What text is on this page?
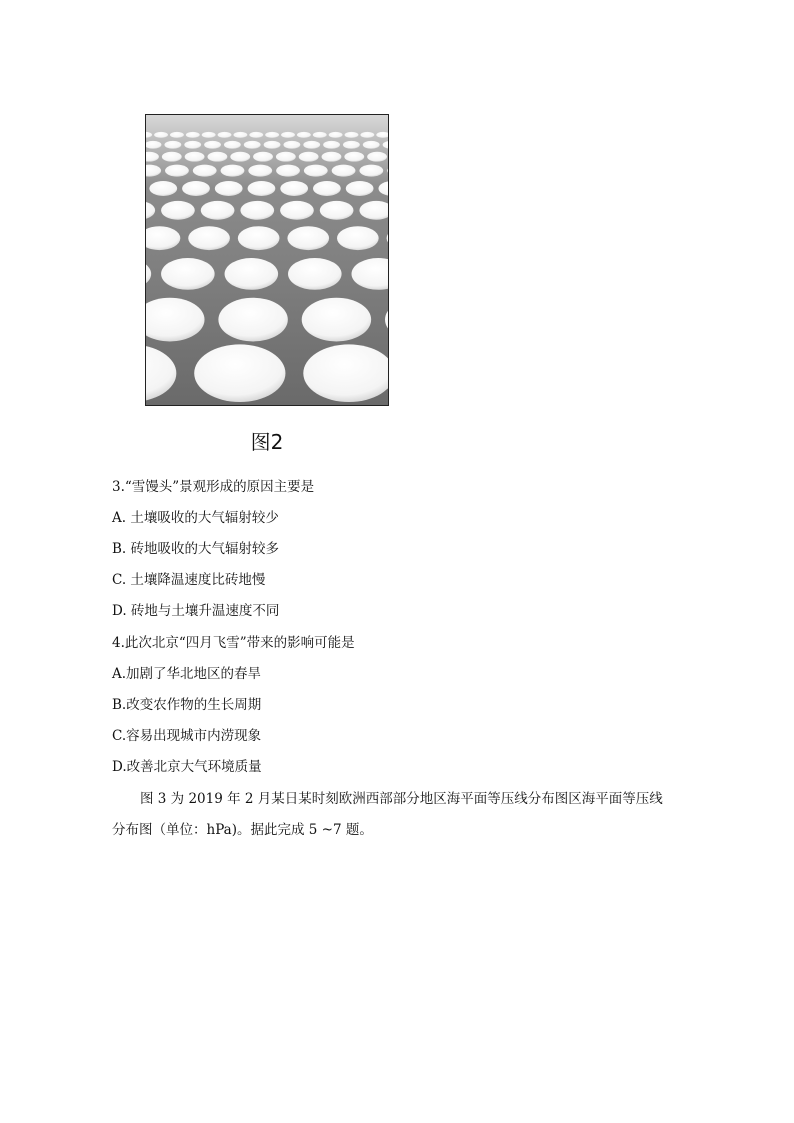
图2
3.“雪馒头”景观形成的原因主要是
A. 土壤吸收的大气辐射较少
B. 砖地吸收的大气辐射较多
C. 土壤降温速度比砖地慢
D. 砖地与土壤升温速度不同
4.此次北京“四月飞雪”带来的影响可能是
A.加剧了华北地区的春旱
B.改变农作物的生长周期
C.容易出现城市内涝现象
D.改善北京大气环境质量
图 3 为 2019 年 2 月某日某时刻欧洲西部部分地区海平面等压线分布图区海平面等压线
分布图（单位：hPa)。据此完成 5 ~7 题。
